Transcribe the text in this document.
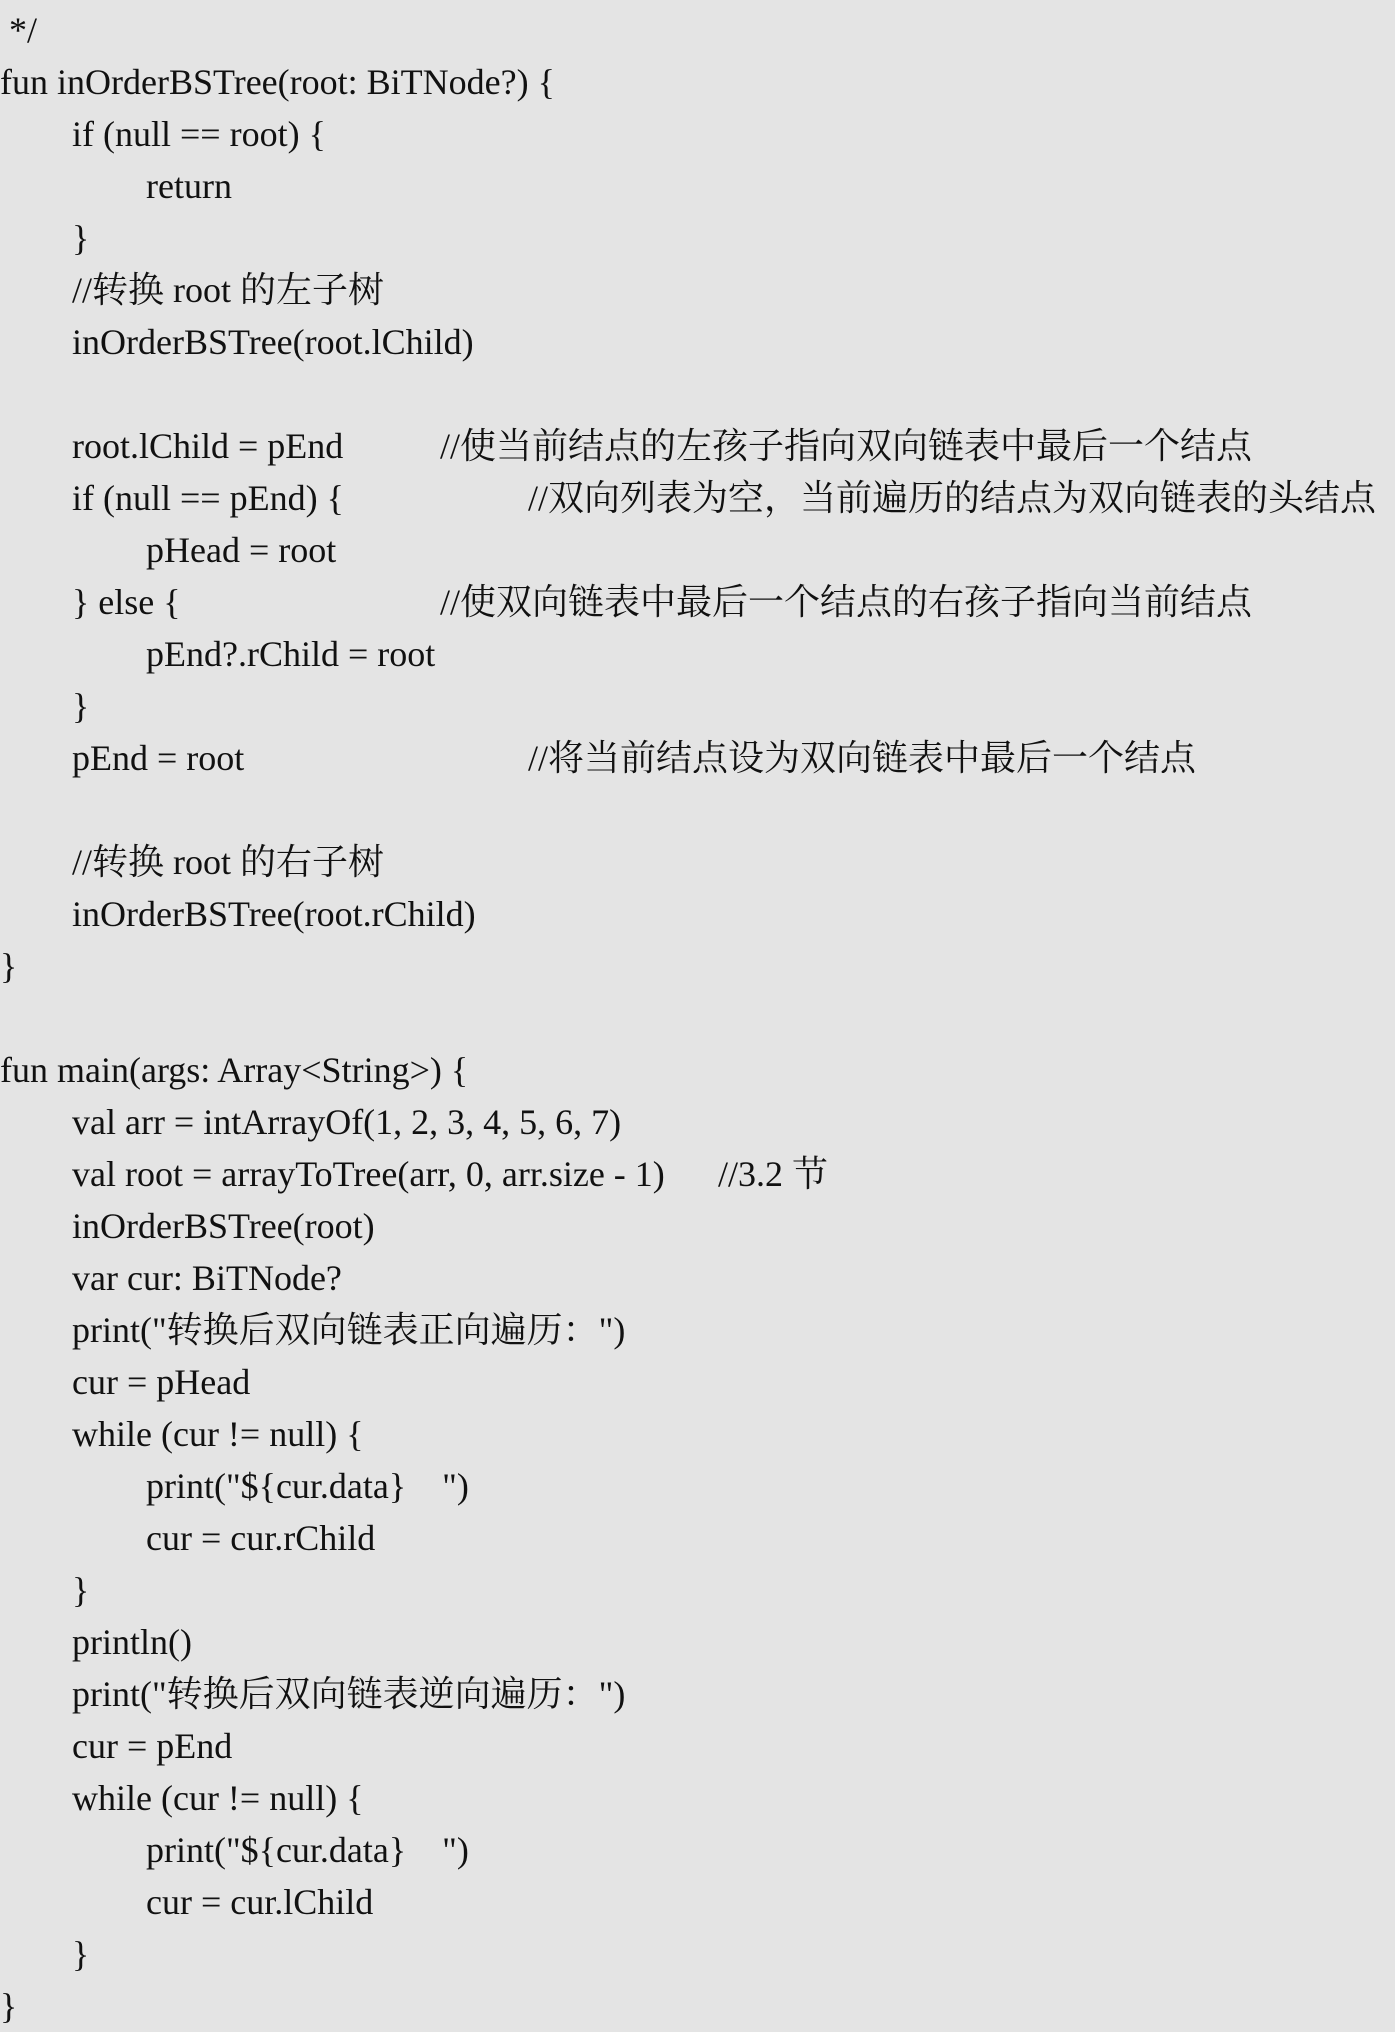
*/
fun inOrderBSTree(root: BiTNode?) {
if (null == root) {
return
}
//转换 root 的左子树
inOrderBSTree(root.lChild)

root.lChild = pEnd

	//使当前结点的左孩子指向双向链表中最后一个结点

if (null == pEnd) {

	//双向列表为空，当前遍历的结点为双向链表的头结点

pHead = root

} else {

	//使双向链表中最后一个结点的右孩子指向当前结点

pEnd?.rChild = root
}

pEnd = root

	//将当前结点设为双向链表中最后一个结点

//转换 root 的右子树
inOrderBSTree(root.rChild)
}
fun main(args: Array<String>) {
val arr = intArrayOf(1, 2, 3, 4, 5, 6, 7)

val root = arrayToTree(arr, 0, arr.size - 1)

//3.2 节

inOrderBSTree(root)
var cur: BiTNode?
print("转换后双向链表正向遍历：")
cur = pHead
while (cur != null) {
print("${cur.data}    ")
cur = cur.rChild
}
println()
print("转换后双向链表逆向遍历：")
cur = pEnd
while (cur != null) {
print("${cur.data}    ")
cur = cur.lChild
}
}
